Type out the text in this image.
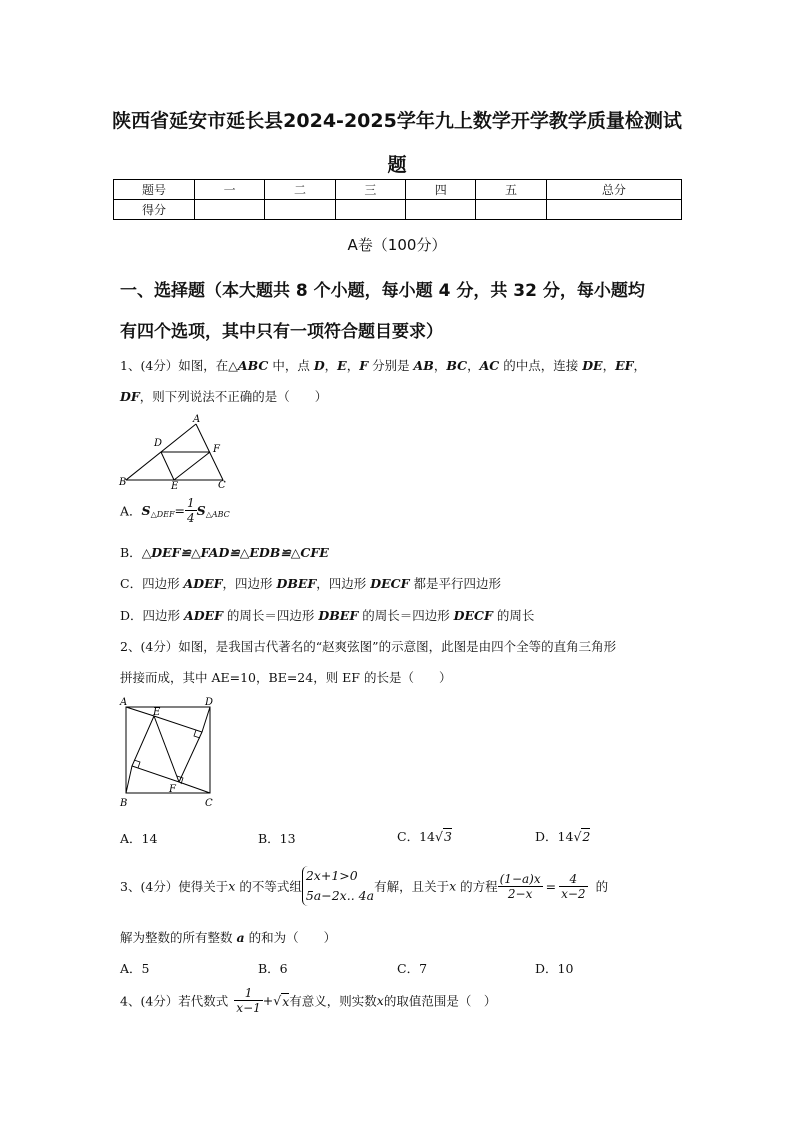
陕西省延安市延长县2024-2025学年九上数学开学教学质量检测试
题
题号	一	二	三	四	五	总分
得分						
A卷（100分）
一、选择题（本大题共 8 个小题，每小题 4 分，共 32 分，每小题均
有四个选项，其中只有一项符合题目要求）
1、(4分）如图，在△ABC 中，点 D，E，F 分别是 AB，BC，AC 的中点，连接 DE，EF，
DF，则下列说法不正确的是（　　）
A
B	C
D
E
F
A．$S_{\triangle DEF}= \frac{1}{4} S_{\triangle ABC}$
B．△DEF≌△FAD≌△EDB≌△CFE
C．四边形 ADEF，四边形 DBEF，四边形 DECF 都是平行四边形
D．四边形 ADEF 的周长＝四边形 DBEF 的周长＝四边形 DECF 的周长
2、(4分）如图，是我国古代著名的“赵爽弦图”的示意图，此图是由四个全等的直角三角形
拼接而成，其中 AE=10，BE=24，则 EF 的长是（　　）
A	D
B	C
E
F
A．14	B．13	C．14√3	D．14√2
3、(4分）使得关于x 的不等式组
2x+1>0
5a−2x.. 4a
有解，且关于x 的方程 $\frac{(1-a)x}{2-x} = \frac{4}{x-2}$ 的
解为整数的所有整数 a 的和为（　　）
A．5	B．6	C．7	D．10
4、(4分）若代数式 $\frac{1}{x-1} +√x$有意义，则实数x的取值范围是（　）
